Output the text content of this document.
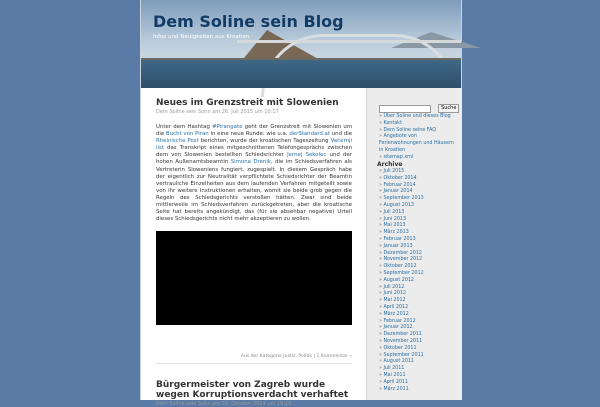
Dem Soline sein Blog
Infos und Neuigkeiten aus Kroatien
Neues im Grenzstreit mit Slowenien
Dem Soline sein Sohn am 26. Juli 2015 um 10:17
Unter dem Hashtag #Pirangate geht der Grenzstreit mit Slowenien um die Bucht von Piran in eine neue Runde: wie u.a. derStandard.at und die Rheinische Post berichten, wurde der kroatischen Tageszeitung Večernji list das Transkript eines mitgeschnittenen Telefongesprächs zwischen dem von Slowenien bestellten Schiedsrichter Jernej Sekolec und der hohen Außenamtsbeamtin Simona Drenik, die im Schiedsverfahren als Vertreterin Sloweniens fungiert, zugespielt. In diesem Gespräch habe der eigentlich zur Neutralität verpflichtete Schiedsrichter der Beamtin vertrauliche Einzelheiten aus dem laufenden Verfahren mitgeteilt sowie von ihr weitere Instruktionen erhalten, womit sie beide grob gegen die Regeln des Schiedsgerichts verstoßen hätten. Zwar sind beide mittlerweile im Schiedsverfahren zurückgetreten, aber die kroatische Seite hat bereits angekündigt, das (für sie absehbar negative) Urteil dieses Schiedsgerichts nicht mehr akzeptieren zu wollen.
Aus der Kategorie Justiz, Politik | 1 Kommentar »
Bürgermeister von Zagreb wurde wegen Korruptionsverdacht verhaftet
Dem Soline sein Sohn am 22. Oktober 2014 um 19:10
Suche
» Über Soline und dieses Blog
» Kontakt
» Dem Soline seine FAQ
» Angebote von Ferienwohnungen und Häusern in Kroatien
» sitemap.xml
Archive
» Juli 2015
» Oktober 2014
» Februar 2014
» Januar 2014
» September 2013
» August 2013
» Juli 2013
» Juni 2013
» Mai 2013
» März 2013
» Februar 2013
» Januar 2013
» Dezember 2012
» November 2012
» Oktober 2012
» September 2012
» August 2012
» Juli 2012
» Juni 2012
» Mai 2012
» April 2012
» März 2012
» Februar 2012
» Januar 2012
» Dezember 2011
» November 2011
» Oktober 2011
» September 2011
» August 2011
» Juli 2011
» Mai 2011
» April 2011
» März 2011
